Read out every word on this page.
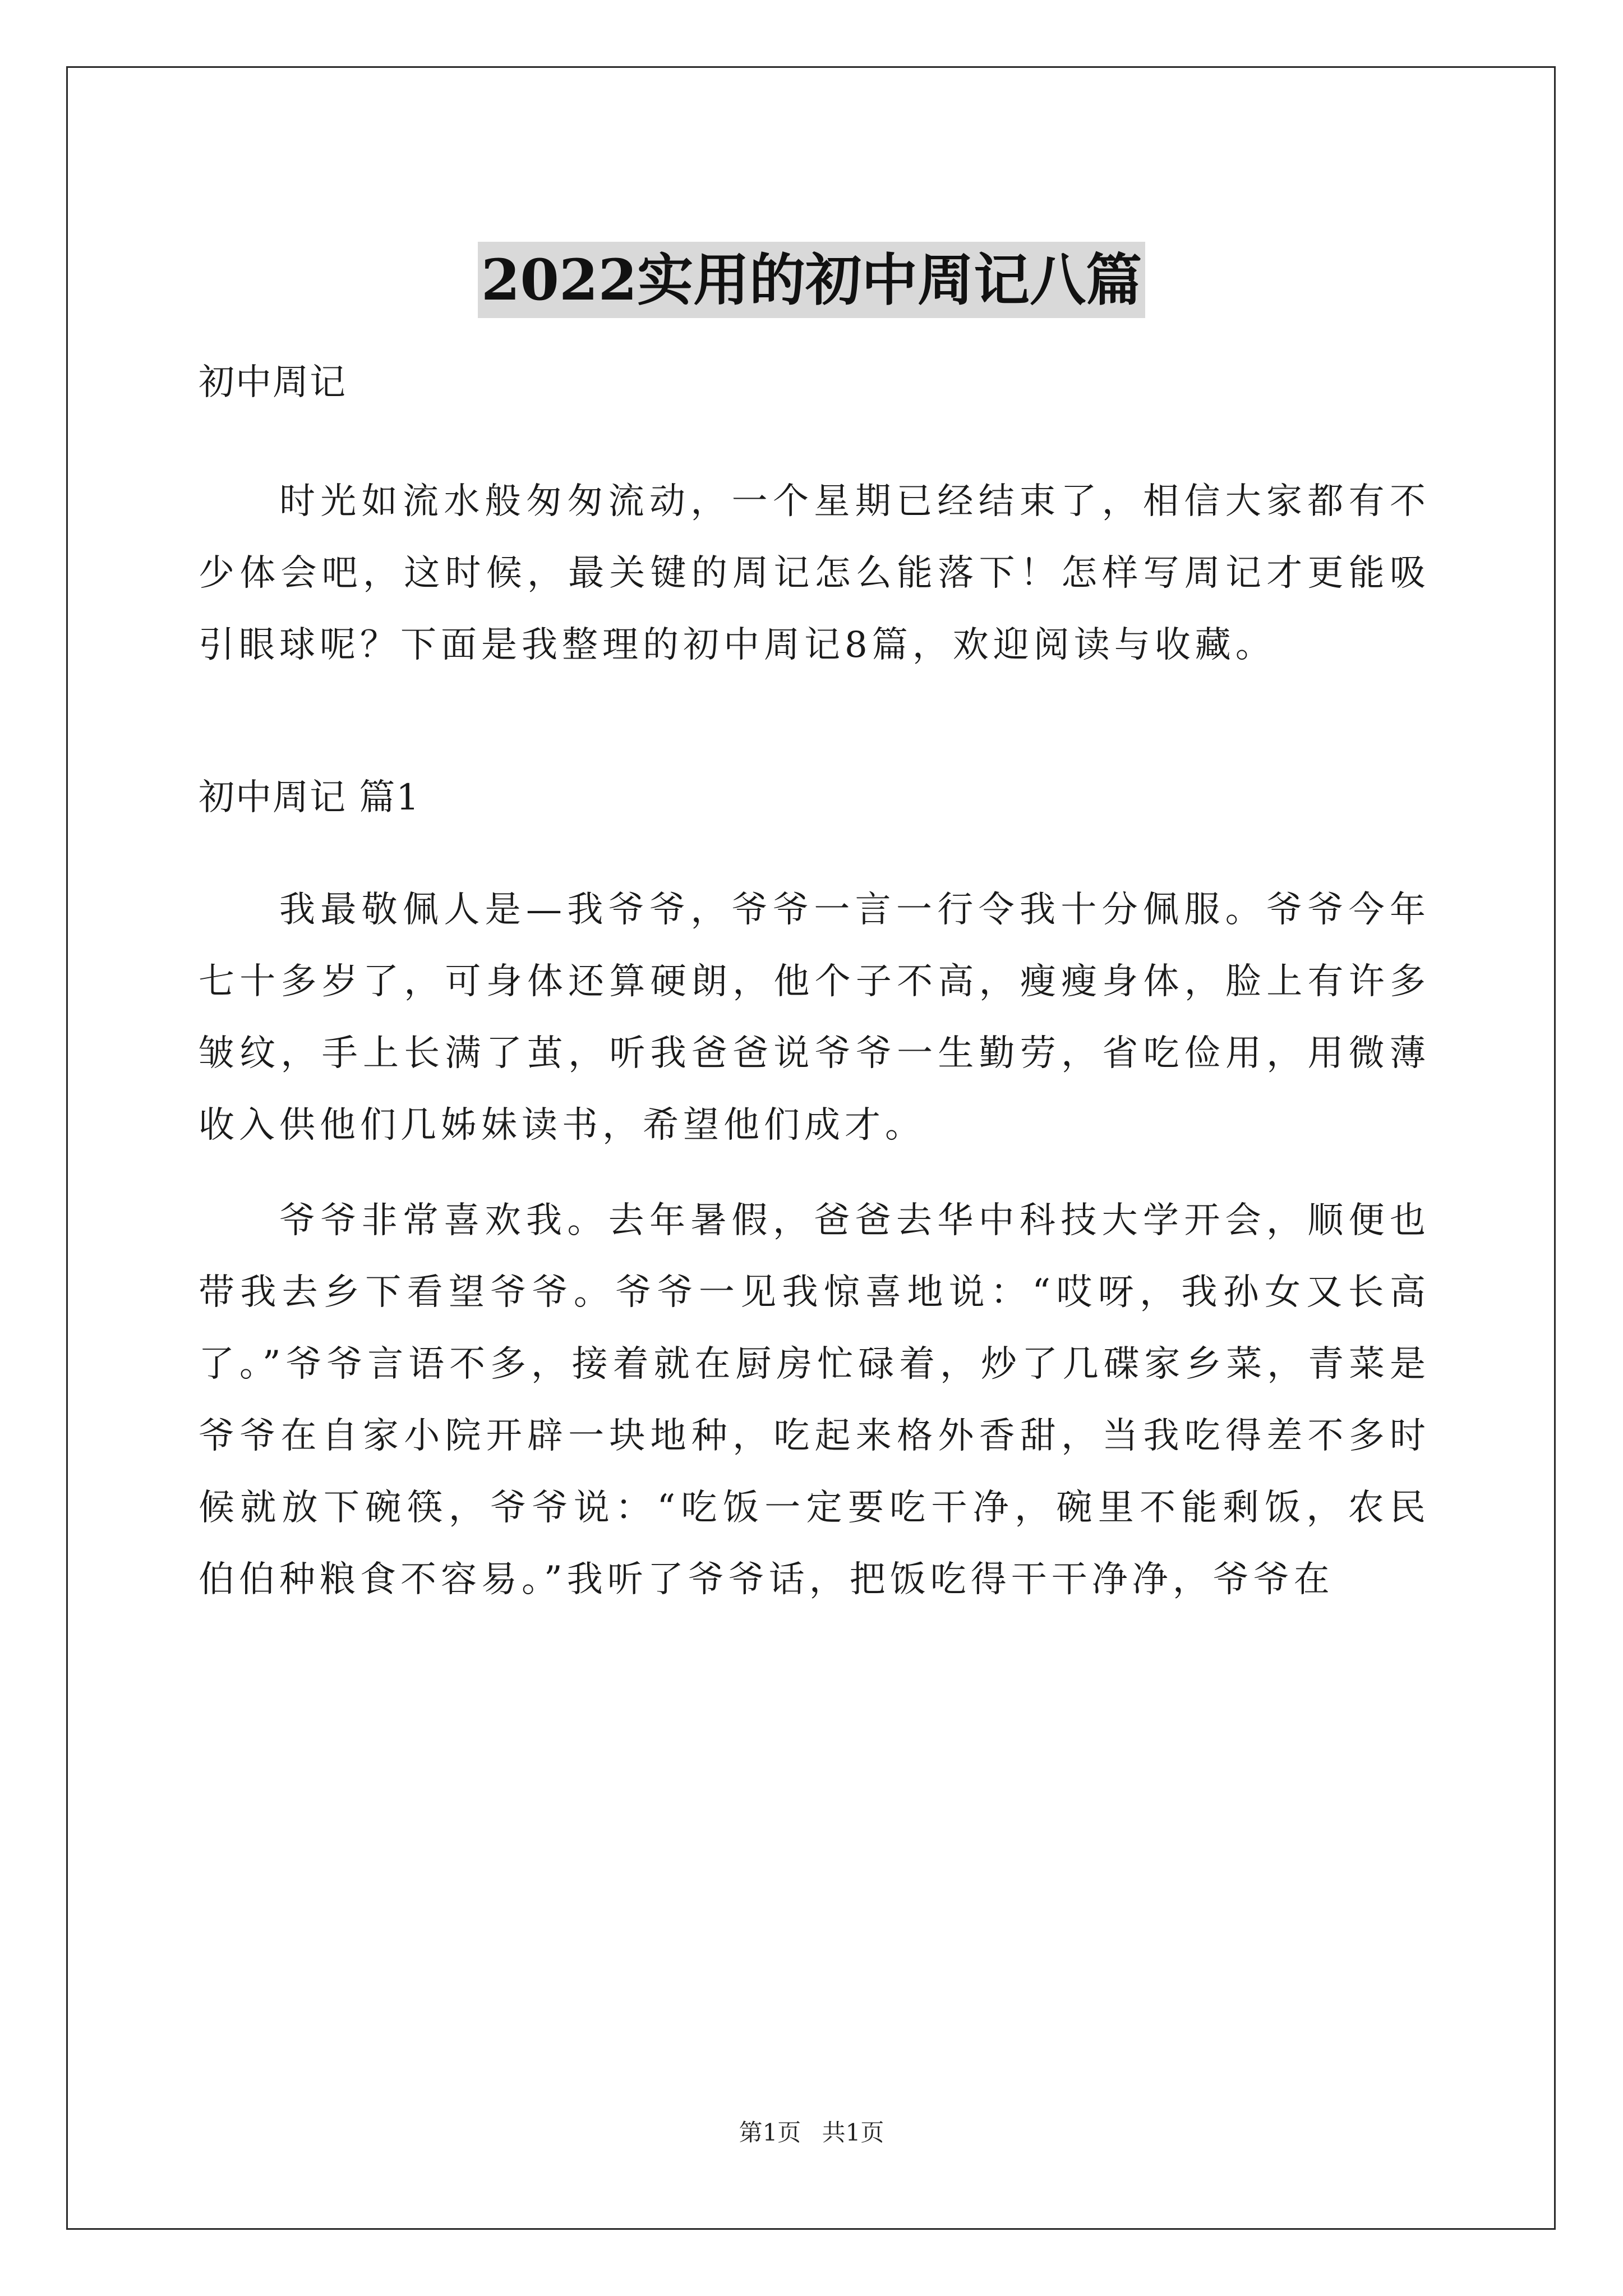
2022实用的初中周记八篇

初中周记

时光如流水般匆匆流动，一个星期已经结束了，相信大家都有不少体会吧，这时候，最关键的周记怎么能落下！怎样写周记才更能吸引眼球呢？下面是我整理的初中周记8篇，欢迎阅读与收藏。

初中周记 篇1

我最敬佩人是—我爷爷，爷爷一言一行令我十分佩服。爷爷今年七十多岁了，可身体还算硬朗，他个子不高，瘦瘦身体，脸上有许多皱纹，手上长满了茧，听我爸爸说爷爷一生勤劳，省吃俭用，用微薄收入供他们几姊妹读书，希望他们成才。

爷爷非常喜欢我。去年暑假，爸爸去华中科技大学开会，顺便也带我去乡下看望爷爷。爷爷一见我惊喜地说：“哎呀，我孙女又长高了。”爷爷言语不多，接着就在厨房忙碌着，炒了几碟家乡菜，青菜是爷爷在自家小院开辟一块地种，吃起来格外香甜，当我吃得差不多时候就放下碗筷，爷爷说：“吃饭一定要吃干净，碗里不能剩饭，农民伯伯种粮食不容易。”我听了爷爷话，把饭吃得干干净净，爷爷在

第1页 共1页
